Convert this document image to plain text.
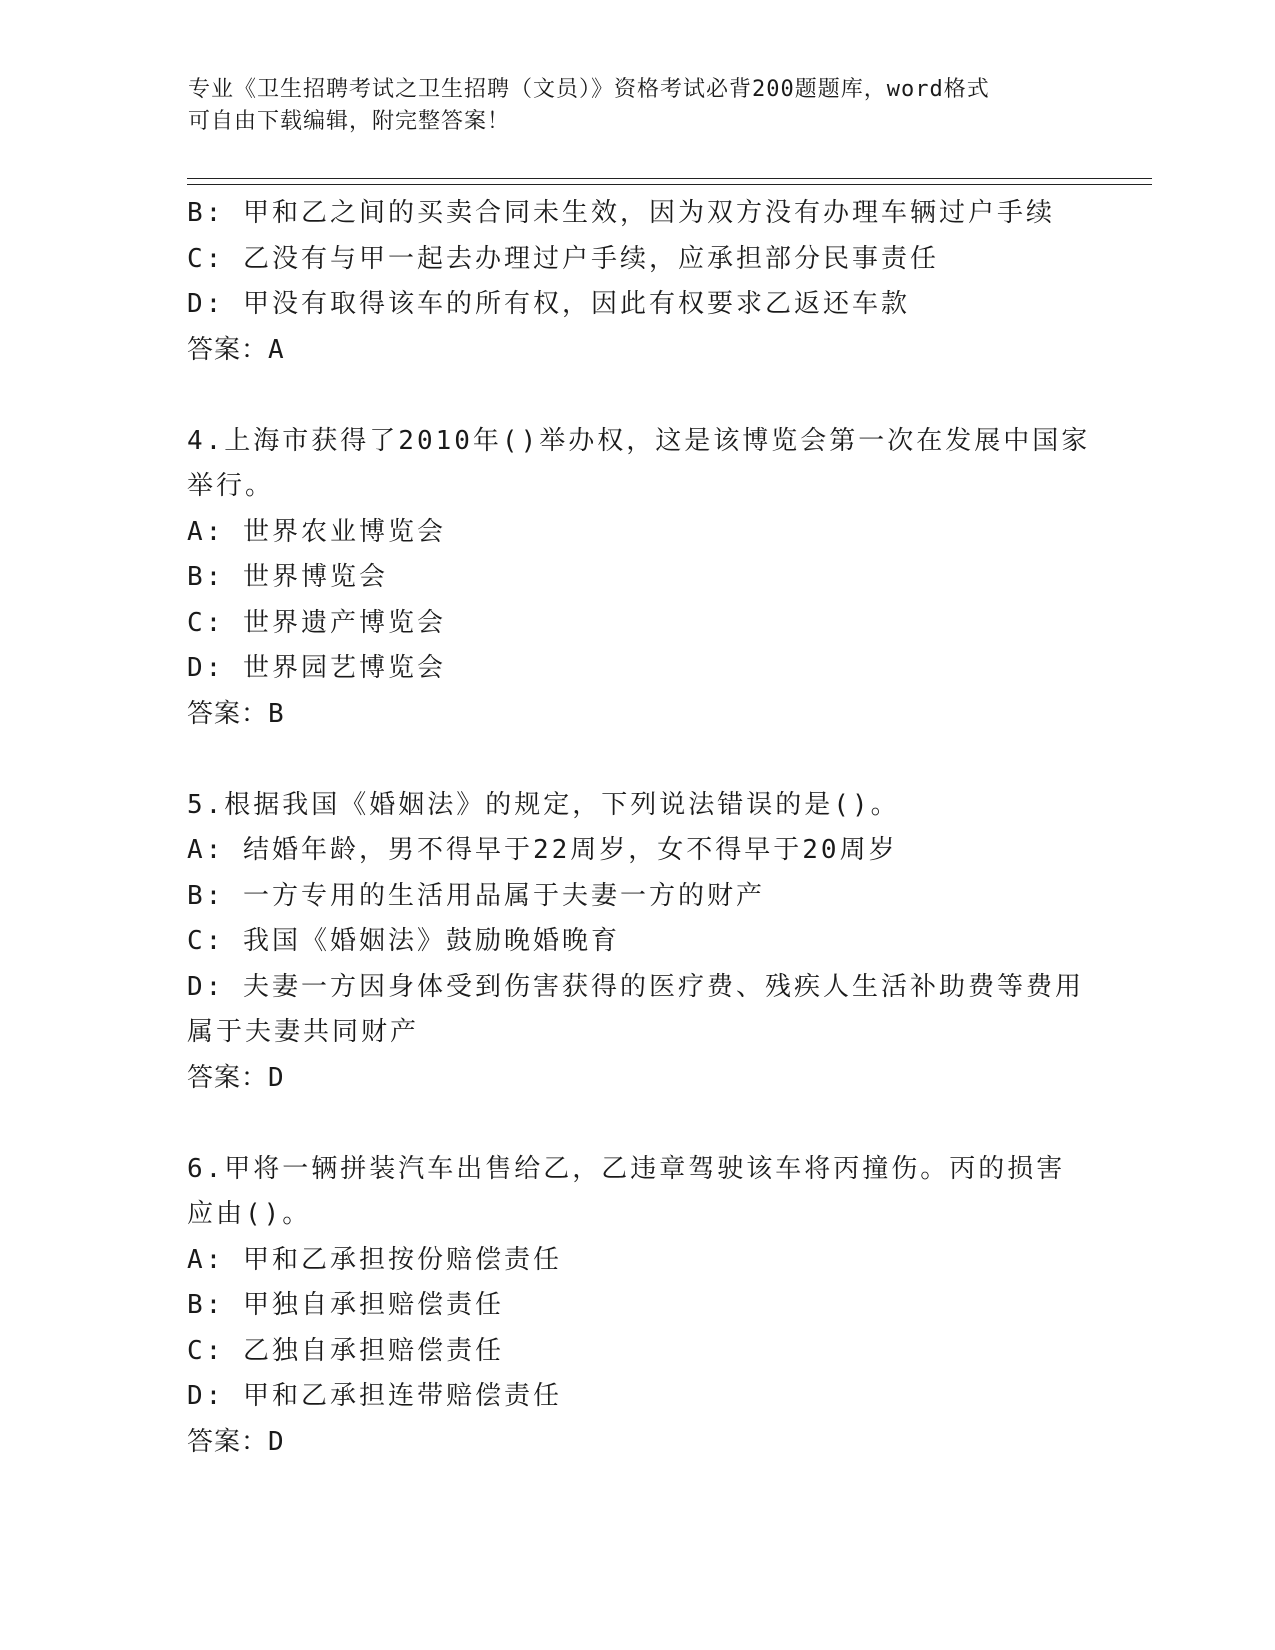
专业《卫生招聘考试之卫生招聘（文员）》资格考试必背200题题库，word格式
可自由下载编辑，附完整答案！
B: 甲和乙之间的买卖合同未生效，因为双方没有办理车辆过户手续
C: 乙没有与甲一起去办理过户手续，应承担部分民事责任
D: 甲没有取得该车的所有权，因此有权要求乙返还车款
答案：A
4.上海市获得了2010年()举办权，这是该博览会第一次在发展中国家
举行。
A: 世界农业博览会
B: 世界博览会
C: 世界遗产博览会
D: 世界园艺博览会
答案：B
5.根据我国《婚姻法》的规定，下列说法错误的是()。
A: 结婚年龄，男不得早于22周岁，女不得早于20周岁
B: 一方专用的生活用品属于夫妻一方的财产
C: 我国《婚姻法》鼓励晚婚晚育
D: 夫妻一方因身体受到伤害获得的医疗费、残疾人生活补助费等费用
属于夫妻共同财产
答案：D
6.甲将一辆拼装汽车出售给乙，乙违章驾驶该车将丙撞伤。丙的损害
应由()。
A: 甲和乙承担按份赔偿责任
B: 甲独自承担赔偿责任
C: 乙独自承担赔偿责任
D: 甲和乙承担连带赔偿责任
答案：D
